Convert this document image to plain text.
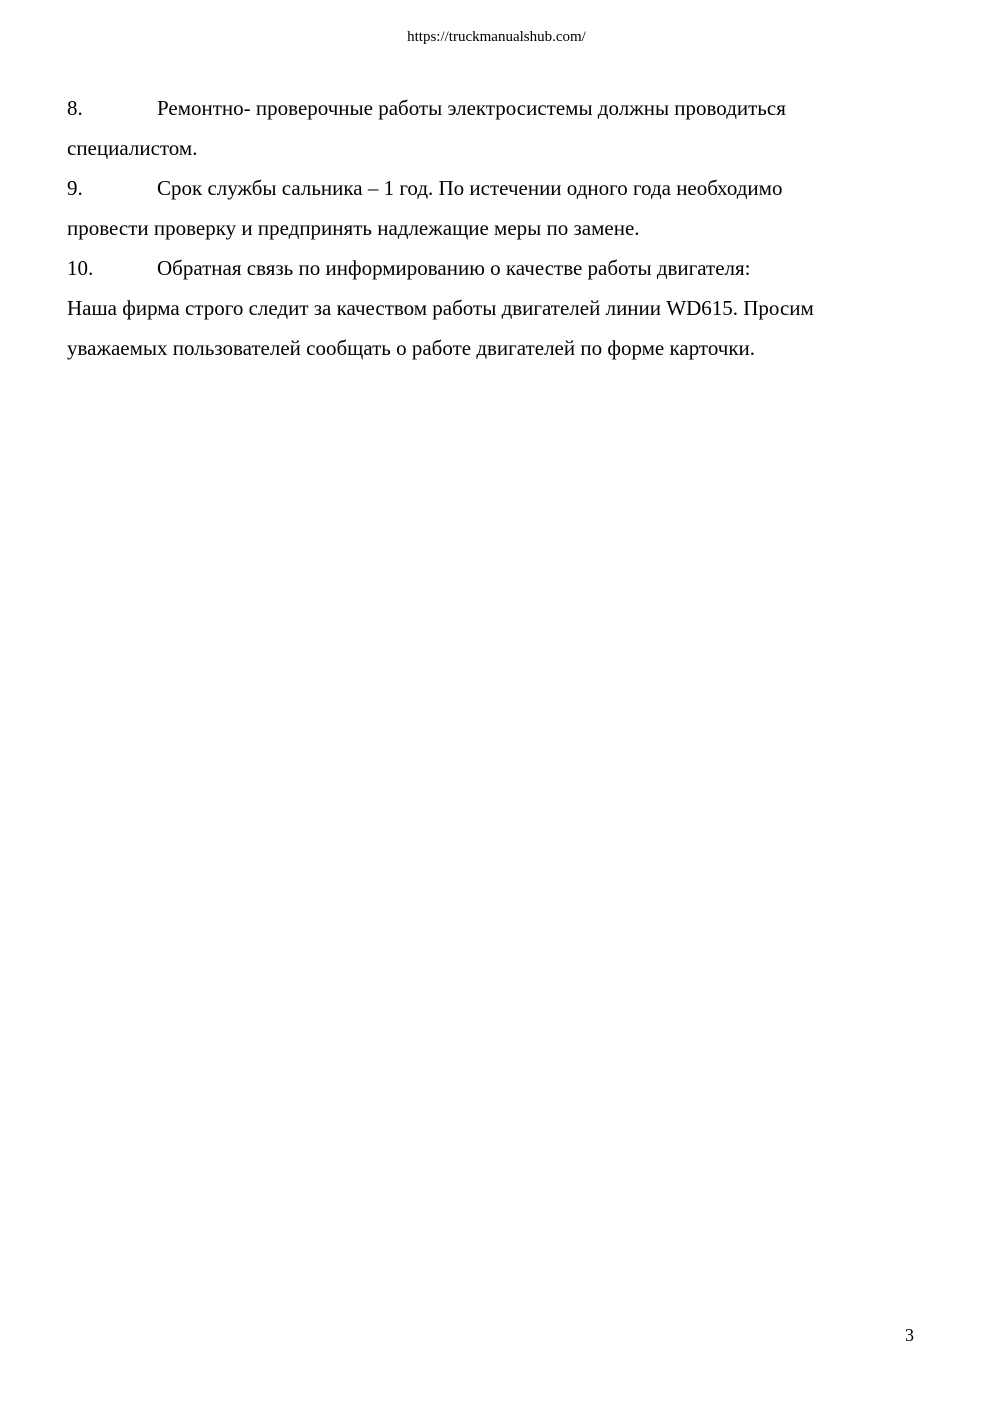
https://truckmanualshub.com/
8.	Ремонтно- проверочные работы электросистемы должны проводиться
специалистом.
9.	Срок службы сальника – 1 год. По истечении одного года необходимо
провести проверку и предпринять надлежащие меры по замене.
10.	Обратная связь по информированию о качестве работы двигателя:
Наша фирма строго следит за качеством работы двигателей линии WD615. Просим
уважаемых пользователей сообщать о работе двигателей по форме карточки.
3
